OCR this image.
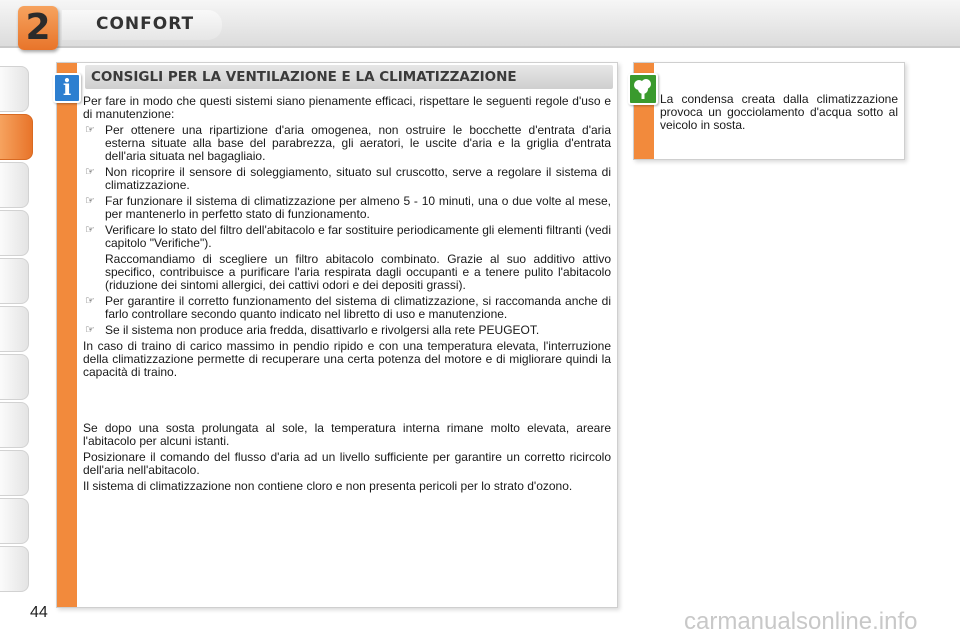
2	CONFORT
i	CONSIGLI PER LA VENTILAZIONE E LA CLIMATIZZAZIONE

Per fare in modo che questi sistemi siano pienamente efficaci, rispettare le seguenti regole d'uso e di manutenzione:

☞ Per ottenere una ripartizione d'aria omogenea, non ostruire le bocchette d'entrata d'aria esterna situate alla base del parabrezza, gli aeratori, le uscite d'aria e la griglia d'entrata dell'aria situata nel bagagliaio.
☞ Non ricoprire il sensore di soleggiamento, situato sul cruscotto, serve a regolare il sistema di climatizzazione.
☞ Far funzionare il sistema di climatizzazione per almeno 5 - 10 minuti, una o due volte al mese, per mantenerlo in perfetto stato di funzionamento.
☞ Verificare lo stato del filtro dell'abitacolo e far sostituire periodicamente gli elementi filtranti (vedi capitolo "Verifiche").

Raccomandiamo di scegliere un filtro abitacolo combinato. Grazie al suo additivo attivo specifico, contribuisce a purificare l'aria respirata dagli occupanti e a tenere pulito l'abitacolo (riduzione dei sintomi allergici, dei cattivi odori e dei depositi grassi).

☞ Per garantire il corretto funzionamento del sistema di climatizzazione, si raccomanda anche di farlo controllare secondo quanto indicato nel libretto di uso e manutenzione.
☞ Se il sistema non produce aria fredda, disattivarlo e rivolgersi alla rete PEUGEOT.

In caso di traino di carico massimo in pendio ripido e con una temperatura elevata, l'interruzione della climatizzazione permette di recuperare una certa potenza del motore e di migliorare quindi la capacità di traino.

Se dopo una sosta prolungata al sole, la temperatura interna rimane molto elevata, areare l'abitacolo per alcuni istanti.

Posizionare il comando del flusso d'aria ad un livello sufficiente per garantire un corretto ricircolo dell'aria nell'abitacolo.

Il sistema di climatizzazione non contiene cloro e non presenta pericoli per lo strato d'ozono.

La condensa creata dalla climatizzazione provoca un gocciolamento d'acqua sotto al veicolo in sosta.
44	carmanualsonline.info
